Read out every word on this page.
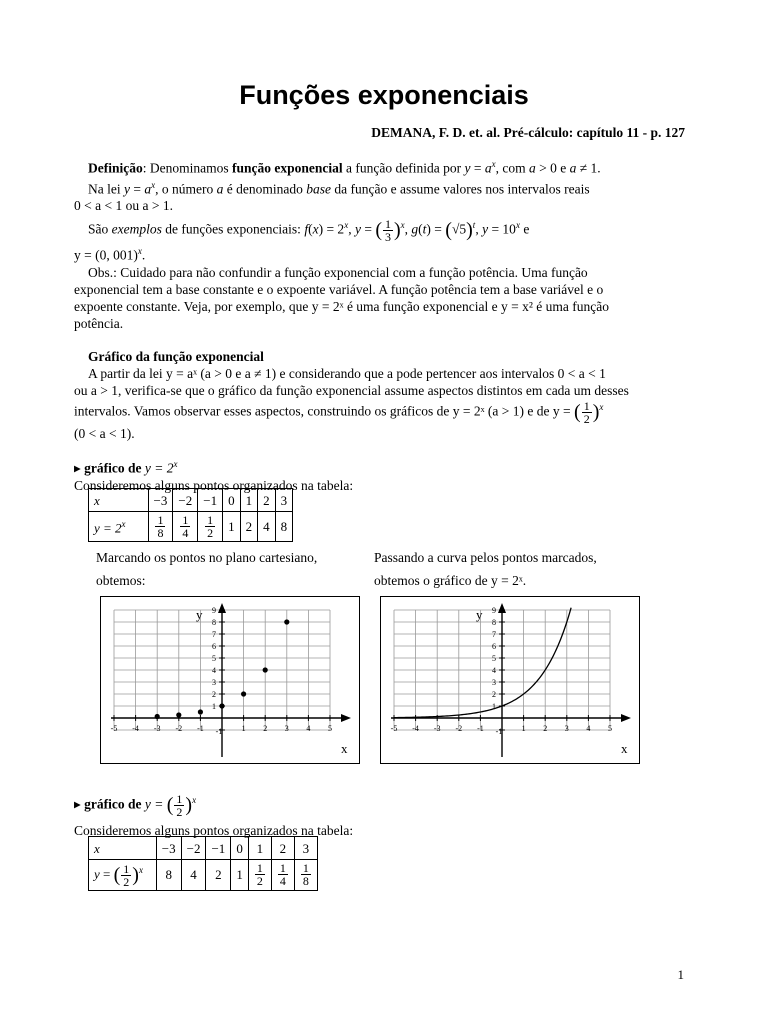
Funções exponenciais
DEMANA, F. D. et. al. Pré-cálculo: capítulo 11 - p. 127
Definição: Denominamos função exponencial a função definida por $y = a^x$, com a > 0 e a ≠ 1.
Na lei $y = a^x$, o número a é denominado base da função e assume valores nos intervalos reais
0 < a < 1 ou a > 1.
São exemplos de funções exponenciais: $f(x) = 2^x$, y = ( $\frac{1}{3} )^x$, $g(t) = (√5)^t$, $y = 10^x$ e
y = (0, 001)$^x$.
Obs.: Cuidado para não confundir a função exponencial com a função potência. Uma função
exponencial tem a base constante e o expoente variável. A função potência tem a base variável e o
expoente constante. Veja, por exemplo, que y = 2ˣ é uma função exponencial e y = x² é uma função
potência.
Gráfico da função exponencial
A partir da lei y = aˣ (a > 0 e a ≠ 1) e considerando que a pode pertencer aos intervalos 0 < a < 1
ou a > 1, verifica-se que o gráfico da função exponencial assume aspectos distintos em cada um desses
intervalos. Vamos observar esses aspectos, construindo os gráficos de y = 2ˣ (a > 1) e de y = ( $\frac{1}{2} )^x$
(0 < a < 1).
▸ gráfico de $y = 2^x$
Consideremos alguns pontos organizados na tabela:
x	−3	−2	−1	0	1	2	3
$y = 2^x$	$\frac{1}{8}$	$\frac{1}{4}$	$\frac{1}{2}$	1	2	4	8
Marcando os pontos no plano cartesiano,
obtemos:
Passando a curva pelos pontos marcados,
obtemos o gráfico de y = 2ˣ.
-5 -4 -3 -2 -1	1 2 3 4 5
-1
1
2
3
4
5
6
7
8
9
x
y
-5 -4 -3 -2 -1	1 2 3 4 5
-1
1
2
3
4
5
6
7
8
9
x
y
▸ gráfico de y = ( $\frac{1}{2} )^x$
Consideremos alguns pontos organizados na tabela:
x	−3	−2	−1	0	1	2	3
y = ( $\frac{1}{2} )^x$	8	4	2	1	$\frac{1}{2}$	$\frac{1}{4}$	$\frac{1}{8}$
1
